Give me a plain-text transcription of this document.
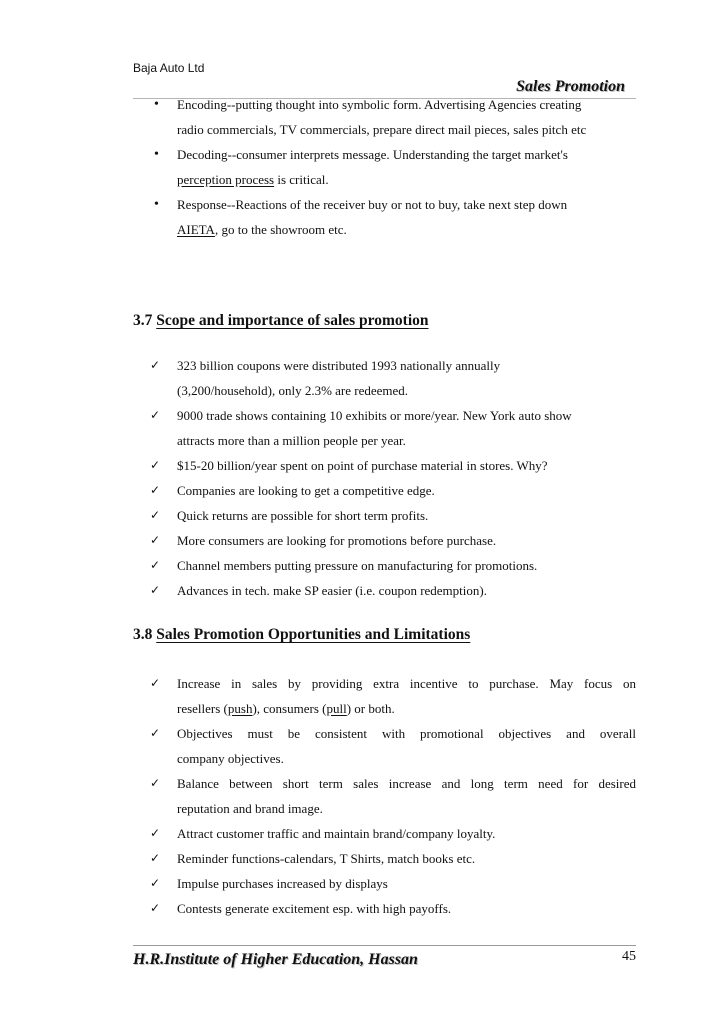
Baja Auto Ltd
Sales Promotion
• Encoding--putting thought into symbolic form. Advertising Agencies creating
radio commercials, TV commercials, prepare direct mail pieces, sales pitch etc
• Decoding--consumer interprets message. Understanding the target market's
perception process is critical.
• Response--Reactions of the receiver buy or not to buy, take next step down
AIETA, go to the showroom etc.
3.7 Scope and importance of sales promotion
✓ 323 billion coupons were distributed 1993 nationally annually
(3,200/household), only 2.3% are redeemed.
✓ 9000 trade shows containing 10 exhibits or more/year. New York auto show
attracts more than a million people per year.
✓ $15-20 billion/year spent on point of purchase material in stores. Why?
✓ Companies are looking to get a competitive edge.
✓ Quick returns are possible for short term profits.
✓ More consumers are looking for promotions before purchase.
✓ Channel members putting pressure on manufacturing for promotions.
✓ Advances in tech. make SP easier (i.e. coupon redemption).
3.8 Sales Promotion Opportunities and Limitations
✓ Increase in sales by providing extra incentive to purchase. May focus on
resellers (push), consumers (pull) or both.
✓ Objectives must be consistent with promotional objectives and overall
company objectives.
✓ Balance between short term sales increase and long term need for desired
reputation and brand image.
✓ Attract customer traffic and maintain brand/company loyalty.
✓ Reminder functions-calendars, T Shirts, match books etc.
✓ Impulse purchases increased by displays
✓ Contests generate excitement esp. with high payoffs.
H.R.Institute of Higher Education, Hassan	45
